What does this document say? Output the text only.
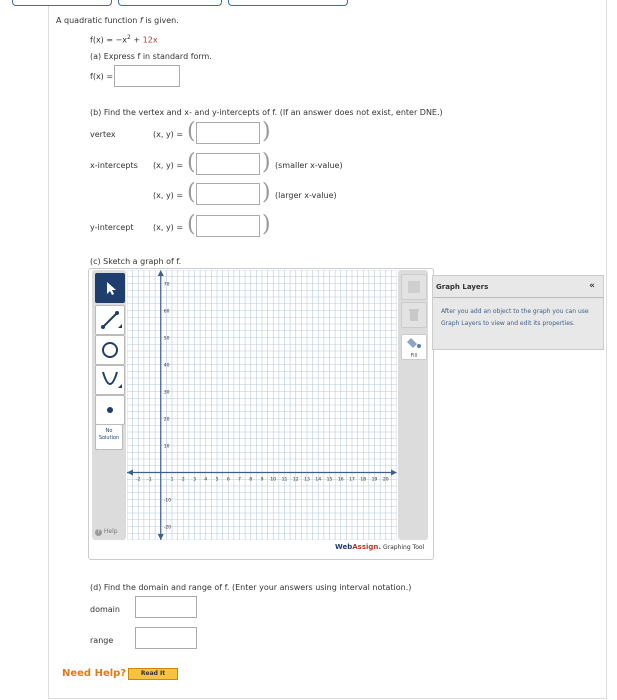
A quadratic function f is given.
$f(x) = -x^2 + 12x$
(a) Express f in standard form.
f(x) =
(b) Find the vertex and x- and y-intercepts of f. (If an answer does not exist, enter DNE.)
vertex	(x, y) = (	)
x-intercepts (x, y) = (	) (smaller x-value)
(x, y) = (	) (larger x-value)
y-intercept (x, y) = (	)
(c) Sketch a graph of f.
No Solution
? Help
Fill
-2 -1	1 2 3 4 5 6 7 8 9 10 11 12 13 14 15 16 17 18 19 20
70
60
50
40
30
20
10
-10
-20
WebAssign. Graphing Tool
Graph Layers	«
After you add an object to the graph you can use Graph Layers to view and edit its properties.
(d) Find the domain and range of f. (Enter your answers using interval notation.)
domain
range
Need Help?	Read It
